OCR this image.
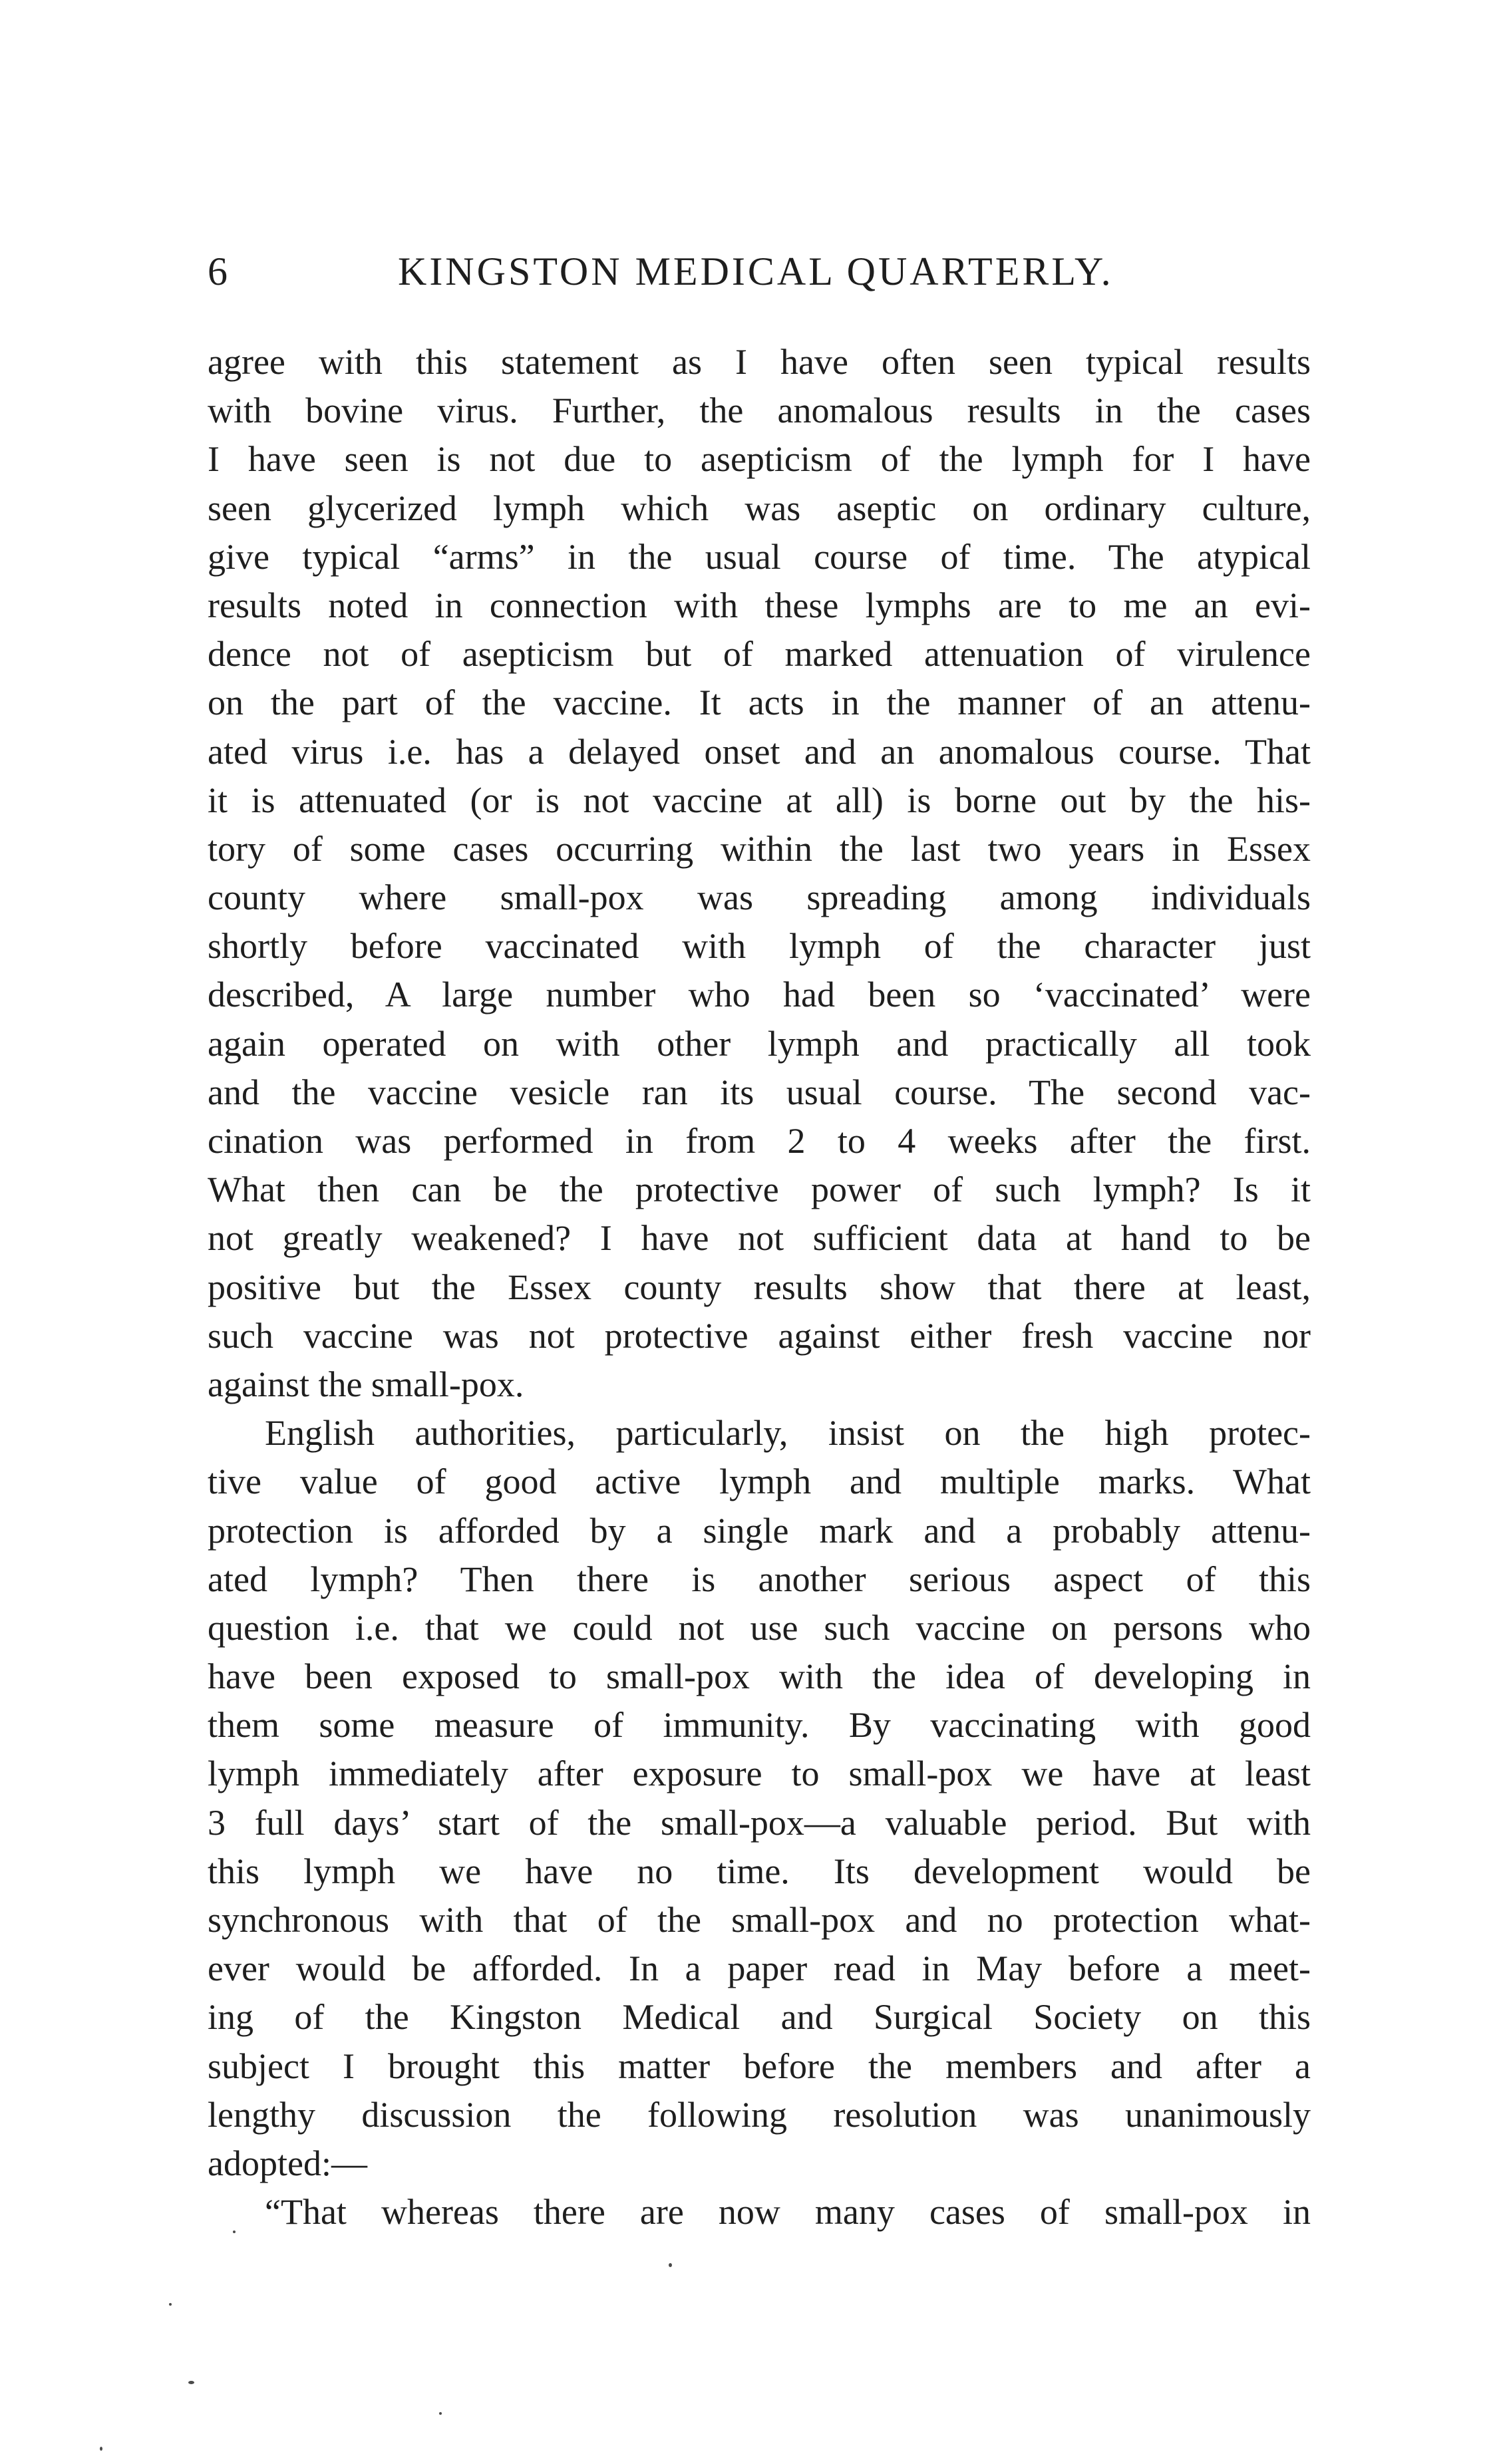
6	KINGSTON MEDICAL QUARTERLY.
agree with this statement as I have often seen typical results
with bovine virus. Further, the anomalous results in the cases
I have seen is not due to asepticism of the lymph for I have
seen glycerized lymph which was aseptic on ordinary culture,
give typical “arms” in the usual course of time. The atypical
results noted in connection with these lymphs are to me an evi-
dence not of asepticism but of marked attenuation of virulence
on the part of the vaccine. It acts in the manner of an attenu-
ated virus i.e. has a delayed onset and an anomalous course. That
it is attenuated (or is not vaccine at all) is borne out by the his-
tory of some cases occurring within the last two years in Essex
county where small-pox was spreading among individuals
shortly before vaccinated with lymph of the character just
described, A large number who had been so ‘vaccinated’ were
again operated on with other lymph and practically all took
and the vaccine vesicle ran its usual course. The second vac-
cination was performed in from 2 to 4 weeks after the first.
What then can be the protective power of such lymph? Is it
not greatly weakened? I have not sufficient data at hand to be
positive but the Essex county results show that there at least,
such vaccine was not protective against either fresh vaccine nor
against the small-pox.
English authorities, particularly, insist on the high protec-
tive value of good active lymph and multiple marks. What
protection is afforded by a single mark and a probably attenu-
ated lymph? Then there is another serious aspect of this
question i.e. that we could not use such vaccine on persons who
have been exposed to small-pox with the idea of developing in
them some measure of immunity. By vaccinating with good
lymph immediately after exposure to small-pox we have at least
3 full days’ start of the small-pox—a valuable period. But with
this lymph we have no time. Its development would be
synchronous with that of the small-pox and no protection what-
ever would be afforded. In a paper read in May before a meet-
ing of the Kingston Medical and Surgical Society on this
subject I brought this matter before the members and after a
lengthy discussion the following resolution was unanimously
adopted:—
“That whereas there are now many cases of small-pox in
